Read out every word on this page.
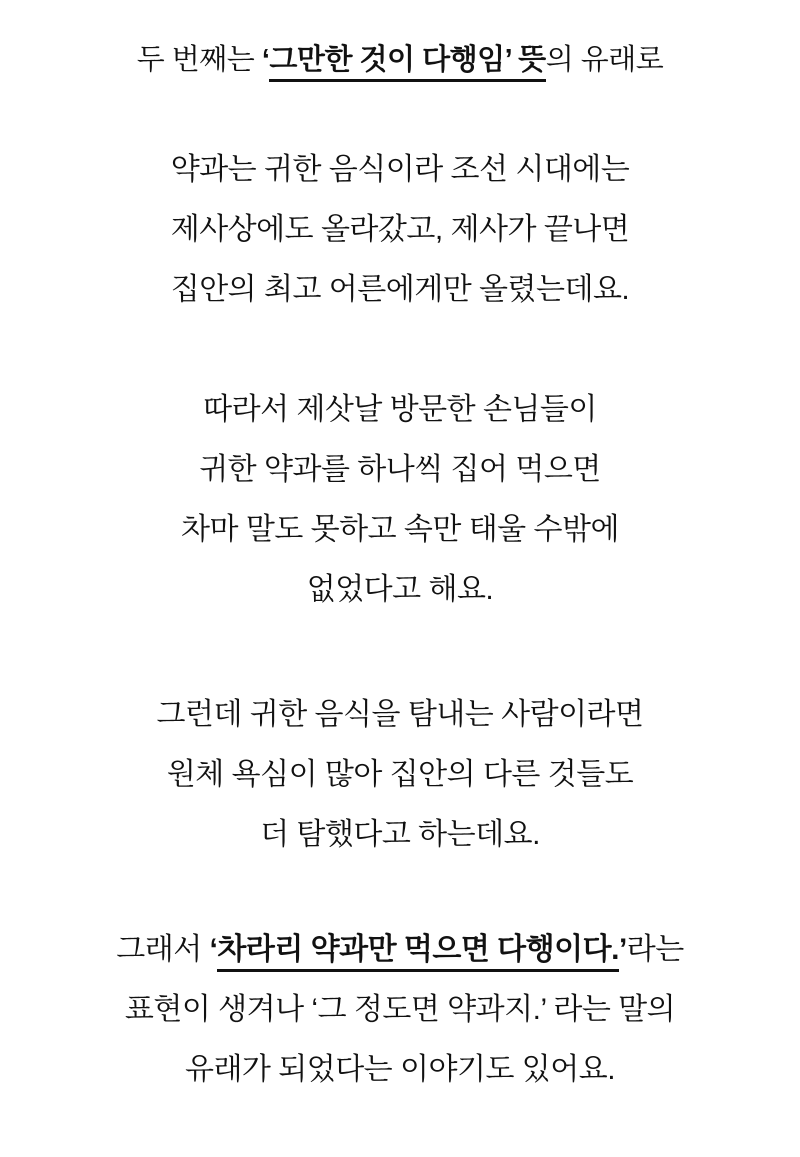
두 번째는 ‘그만한 것이 다행임’ 뜻의 유래로
약과는 귀한 음식이라 조선 시대에는
제사상에도 올라갔고, 제사가 끝나면
집안의 최고 어른에게만 올렸는데요.
따라서 제삿날 방문한 손님들이
귀한 약과를 하나씩 집어 먹으면
차마 말도 못하고 속만 태울 수밖에
없었다고 해요.
그런데 귀한 음식을 탐내는 사람이라면
원체 욕심이 많아 집안의 다른 것들도
더 탐했다고 하는데요.
그래서 ‘차라리 약과만 먹으면 다행이다.’라는
표현이 생겨나 ‘그 정도면 약과지.’ 라는 말의
유래가 되었다는 이야기도 있어요.
